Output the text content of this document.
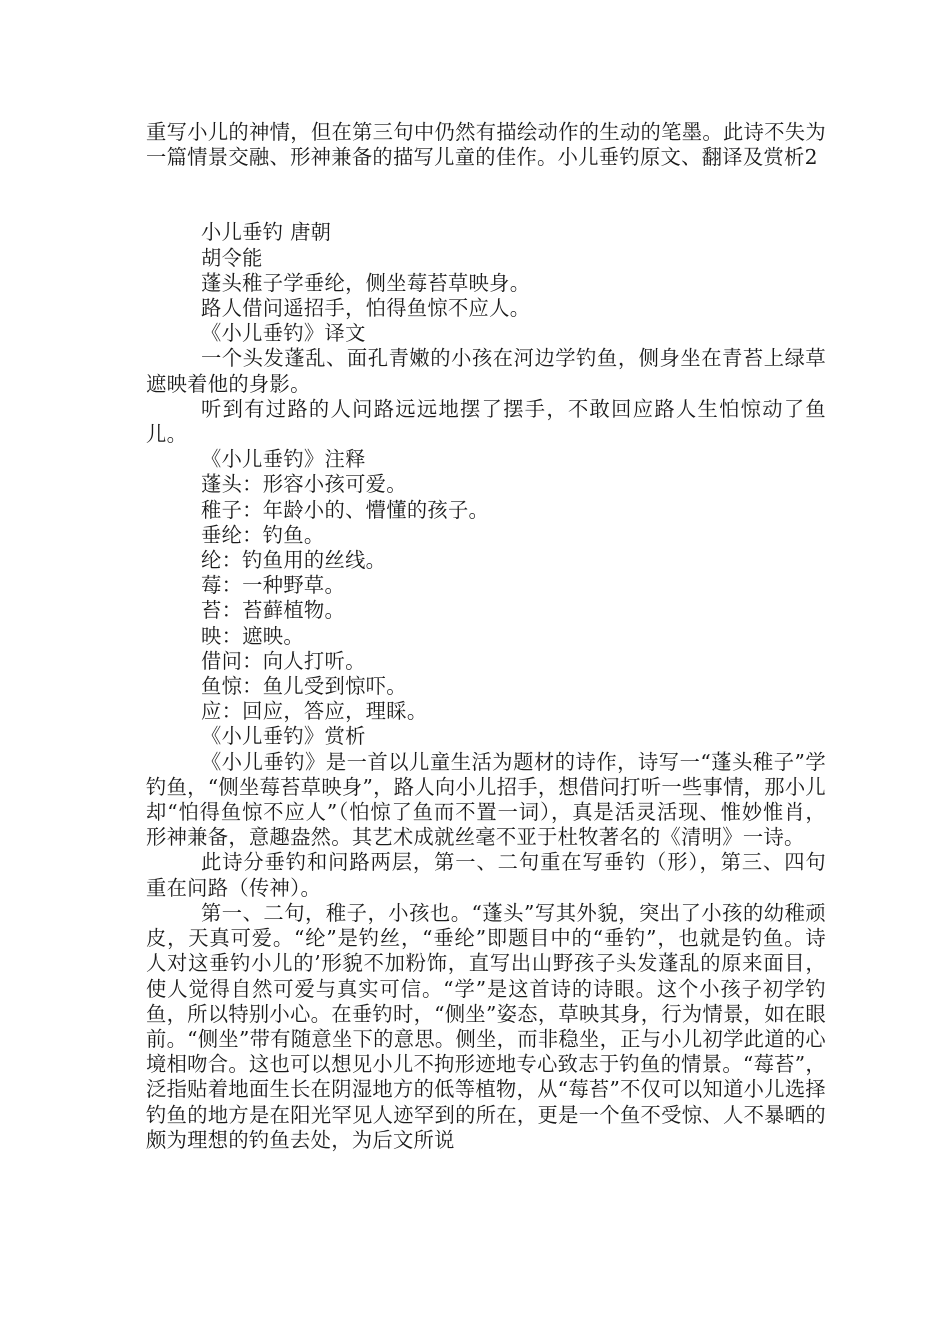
重写小儿的神情，但在第三句中仍然有描绘动作的生动的笔墨。此诗不失为一篇情景交融、形神兼备的描写儿童的佳作。小儿垂钓原文、翻译及赏析2

小儿垂钓 唐朝

胡令能

蓬头稚子学垂纶，侧坐莓苔草映身。

路人借问遥招手，怕得鱼惊不应人。

《小儿垂钓》译文

一个头发蓬乱、面孔青嫩的小孩在河边学钓鱼，侧身坐在青苔上绿草遮映着他的身影。

听到有过路的人问路远远地摆了摆手，不敢回应路人生怕惊动了鱼儿。

《小儿垂钓》注释

蓬头：形容小孩可爱。

稚子：年龄小的、懵懂的孩子。

垂纶：钓鱼。

纶：钓鱼用的丝线。

莓：一种野草。

苔：苔藓植物。

映：遮映。

借问：向人打听。

鱼惊：鱼儿受到惊吓。

应：回应，答应，理睬。

《小儿垂钓》赏析

《小儿垂钓》是一首以儿童生活为题材的诗作，诗写一“蓬头稚子”学钓鱼，“侧坐莓苔草映身”，路人向小儿招手，想借问打听一些事情，那小儿却“怕得鱼惊不应人”（怕惊了鱼而不置一词），真是活灵活现、惟妙惟肖，形神兼备，意趣盎然。其艺术成就丝毫不亚于杜牧著名的《清明》一诗。

此诗分垂钓和问路两层，第一、二句重在写垂钓（形），第三、四句重在问路（传神）。

第一、二句，稚子，小孩也。“蓬头”写其外貌，突出了小孩的幼稚顽皮，天真可爱。“纶”是钓丝，“垂纶”即题目中的“垂钓”，也就是钓鱼。诗人对这垂钓小儿的’形貌不加粉饰，直写出山野孩子头发蓬乱的原来面目，使人觉得自然可爱与真实可信。“学”是这首诗的诗眼。这个小孩子初学钓鱼，所以特别小心。在垂钓时，“侧坐”姿态，草映其身，行为情景，如在眼前。“侧坐”带有随意坐下的意思。侧坐，而非稳坐，正与小儿初学此道的心境相吻合。这也可以想见小儿不拘形迹地专心致志于钓鱼的情景。“莓苔”，泛指贴着地面生长在阴湿地方的低等植物，从“莓苔”不仅可以知道小儿选择钓鱼的地方是在阳光罕见人迹罕到的所在，更是一个鱼不受惊、人不暴晒的颇为理想的钓鱼去处，为后文所说
